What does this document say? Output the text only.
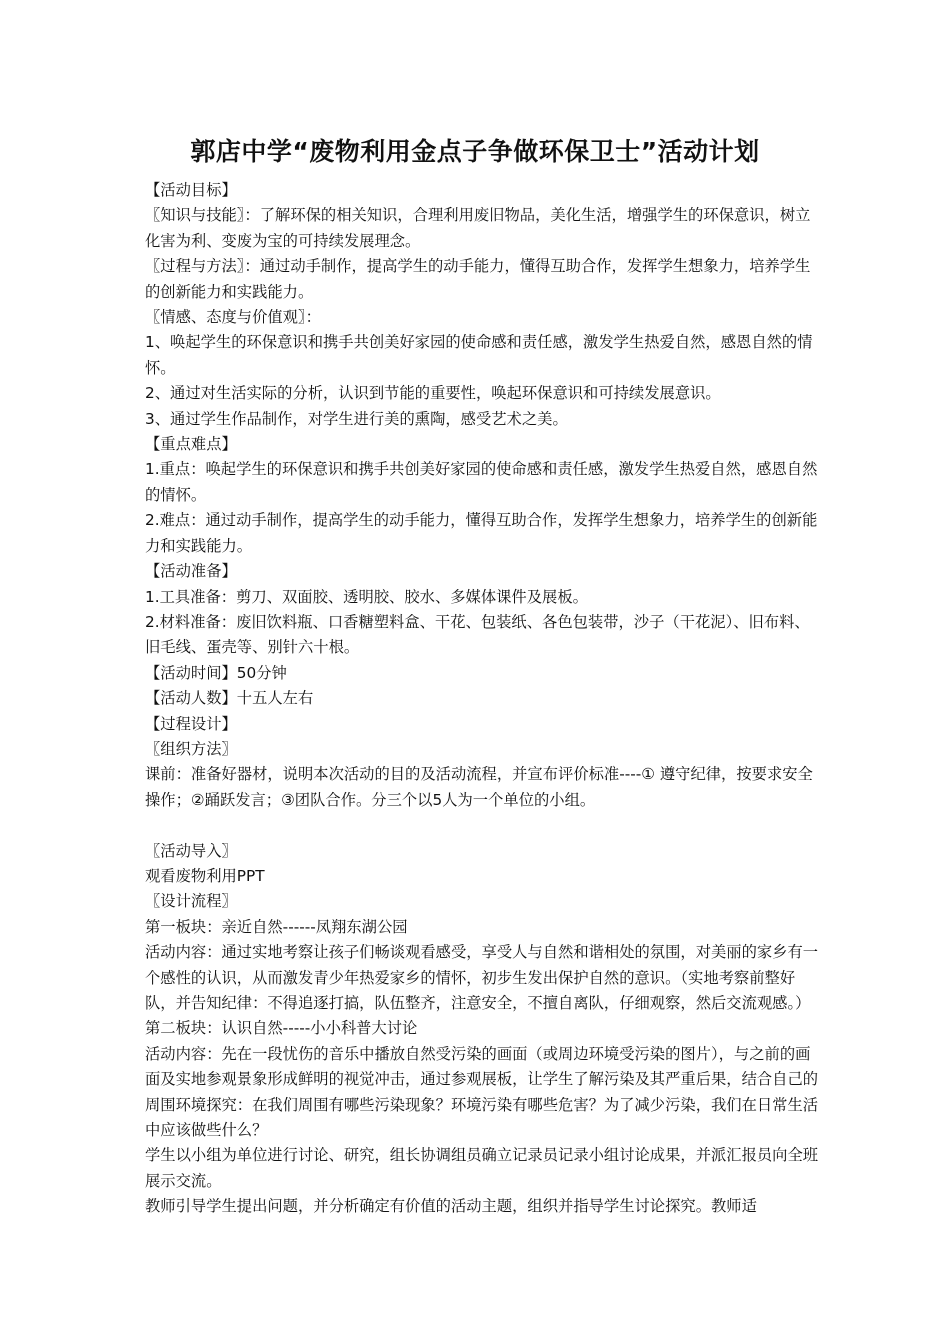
郭店中学“废物利用金点子争做环保卫士”活动计划

【活动目标】

〖知识与技能〗：了解环保的相关知识，合理利用废旧物品，美化生活，增强学生的环保意识，树立化害为利、变废为宝的可持续发展理念。

〖过程与方法〗：通过动手制作，提高学生的动手能力，懂得互助合作，发挥学生想象力，培养学生的创新能力和实践能力。

〖情感、态度与价值观〗：

1、唤起学生的环保意识和携手共创美好家园的使命感和责任感，激发学生热爱自然，感恩自然的情怀。

2、通过对生活实际的分析，认识到节能的重要性，唤起环保意识和可持续发展意识。

3、通过学生作品制作，对学生进行美的熏陶，感受艺术之美。

【重点难点】

1.重点：唤起学生的环保意识和携手共创美好家园的使命感和责任感，激发学生热爱自然，感恩自然的情怀。

2.难点：通过动手制作，提高学生的动手能力，懂得互助合作，发挥学生想象力，培养学生的创新能力和实践能力。

【活动准备】

1.工具准备：剪刀、双面胶、透明胶、胶水、多媒体课件及展板。

2.材料准备：废旧饮料瓶、口香糖塑料盒、干花、包装纸、各色包装带，沙子（干花泥）、旧布料、旧毛线、蛋壳等、别针六十根。

【活动时间】50分钟

【活动人数】十五人左右

【过程设计】

〖组织方法〗

课前：准备好器材，说明本次活动的目的及活动流程，并宣布评价标准----① 遵守纪律，按要求安全操作；②踊跃发言；③团队合作。分三个以5人为一个单位的小组。

〖活动导入〗

观看废物利用PPT

〖设计流程〗

第一板块：亲近自然------凤翔东湖公园

活动内容：通过实地考察让孩子们畅谈观看感受，享受人与自然和谐相处的氛围，对美丽的家乡有一个感性的认识，从而激发青少年热爱家乡的情怀，初步生发出保护自然的意识。（实地考察前整好队，并告知纪律：不得追逐打搞，队伍整齐，注意安全，不擅自离队，仔细观察，然后交流观感。）

第二板块：认识自然-----小小科普大讨论

活动内容：先在一段忧伤的音乐中播放自然受污染的画面（或周边环境受污染的图片），与之前的画面及实地参观景象形成鲜明的视觉冲击，通过参观展板，让学生了解污染及其严重后果，结合自己的周围环境探究：在我们周围有哪些污染现象？环境污染有哪些危害？为了减少污染，我们在日常生活中应该做些什么？

学生以小组为单位进行讨论、研究，组长协调组员确立记录员记录小组讨论成果，并派汇报员向全班展示交流。

教师引导学生提出问题，并分析确定有价值的活动主题，组织并指导学生讨论探究。教师适
